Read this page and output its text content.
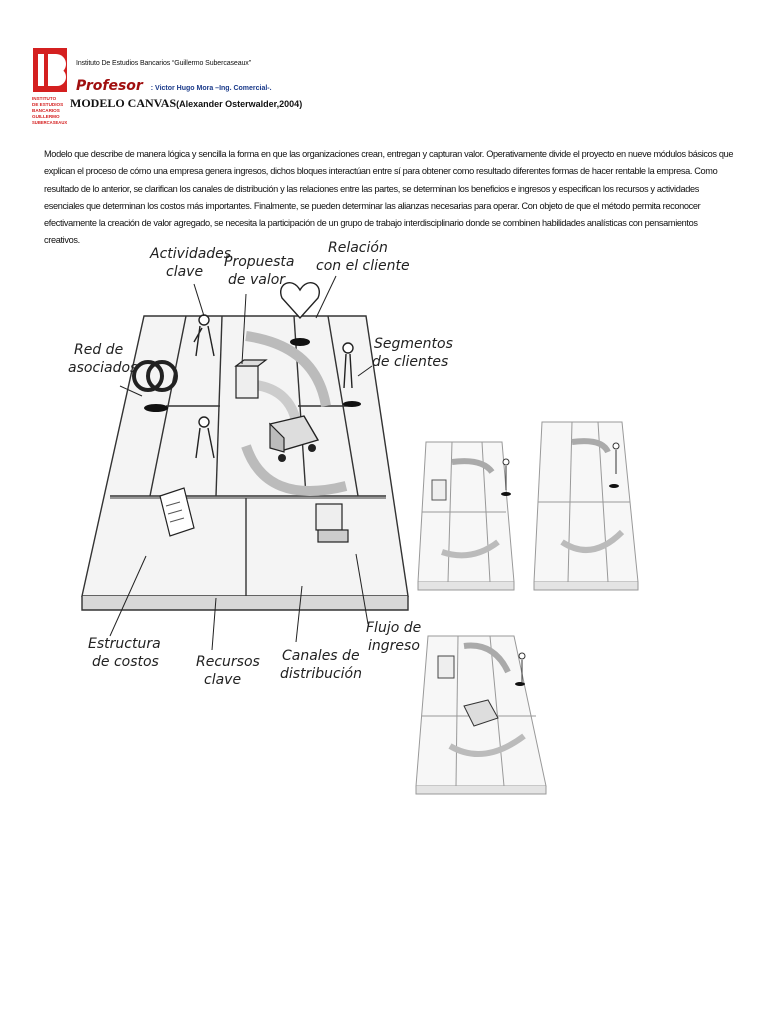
INSTITUTO
DE ESTUDIOS
BANCARIOS
GUILLERMO
SUBERCASEAUX
Instituto De Estudios Bancarios “Guillermo Subercaseaux”
Profesor : Victor Hugo Mora –Ing. Comercial-.
MODELO CANVAS(Alexander Osterwalder,2004)

Modelo que describe de manera lógica y sencilla la forma en que las organizaciones crean, entregan y capturan valor. Operativamente divide el proyecto en nueve módulos básicos que explican el proceso de cómo una empresa genera ingresos, dichos bloques interactúan entre sí para obtener como resultado diferentes formas de hacer rentable la empresa. Como resultado de lo anterior, se clarifican los canales de distribución y las relaciones entre las partes, se determinan los beneficios e ingresos y especifican los recursos y actividades esenciales que determinan los costos más importantes. Finalmente, se pueden determinar las alianzas necesarias para operar. Con objeto de que el método permita reconocer efectivamente la creación de valor agregado, se necesita la participación de un grupo de trabajo interdisciplinario donde se combinen habilidades analísticas con pensamientos creativos.

Actividades
clave
Propuesta
de valor
Relación
con el cliente
Red de
asociados
Segmentos
de clientes
Estructura
de costos	Recursos
clave
Canales de
distribución
Flujo de
ingreso
